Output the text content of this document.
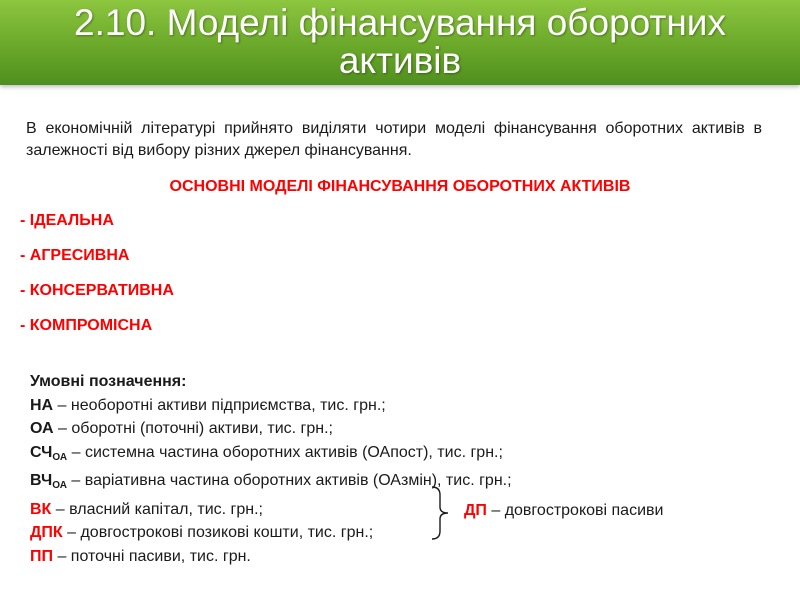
2.10. Моделі фінансування оборотних
активів
В економічній літературі прийнято виділяти чотири моделі фінансування оборотних активів в залежності від вибору різних джерел фінансування.
ОСНОВНІ МОДЕЛІ ФІНАНСУВАННЯ ОБОРОТНИХ АКТИВІВ
- ІДЕАЛЬНА
- АГРЕСИВНА
- КОНСЕРВАТИВНА
- КОМПРОМІСНА
Умовні позначення:
НА – необоротні активи підприємства, тис. грн.;
ОА – оборотні (поточні) активи, тис. грн.;
$СЧ_{ОА}$ – системна частина оборотних активів (ОАпост), тис. грн.;
$ВЧ_{ОА}$ – варіативна частина оборотних активів (ОАзмін), тис. грн.;
ВК – власний капітал, тис. грн.;
ДПК – довгострокові позикові кошти, тис. грн.;
ПП – поточні пасиви, тис. грн.
ДП – довгострокові пасиви
